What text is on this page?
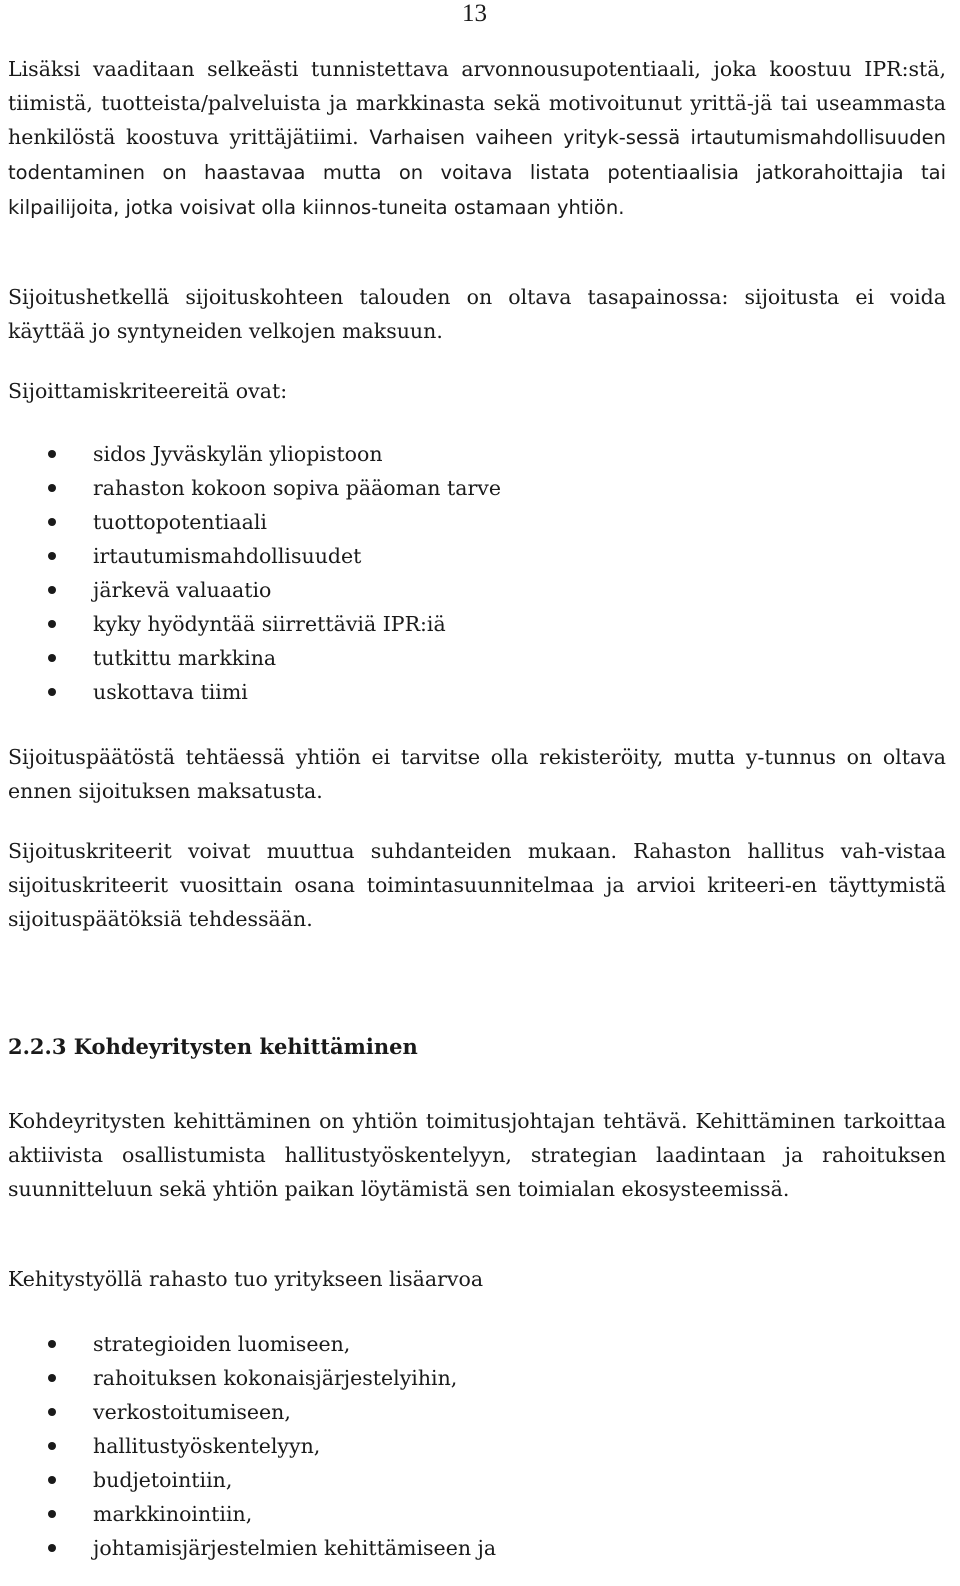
13

Lisäksi vaaditaan selkeästi tunnistettava arvonnousupotentiaali, joka koostuu IPR:stä, tiimistä, tuotteista/palveluista ja markkinasta sekä motivoitunut yrittä-jä tai useammasta henkilöstä koostuva yrittäjätiimi. Varhaisen vaiheen yrityk-sessä irtautumismahdollisuuden todentaminen on haastavaa mutta on voitava listata potentiaalisia jatkorahoittajia tai kilpailijoita, jotka voisivat olla kiinnos-tuneita ostamaan yhtiön.

Sijoitushetkellä sijoituskohteen talouden on oltava tasapainossa: sijoitusta ei voida käyttää jo syntyneiden velkojen maksuun.

Sijoittamiskriteereitä ovat:

sidos Jyväskylän yliopistoon
rahaston kokoon sopiva pääoman tarve
tuottopotentiaali
irtautumismahdollisuudet
järkevä valuaatio
kyky hyödyntää siirrettäviä IPR:iä
tutkittu markkina
uskottava tiimi

Sijoituspäätöstä tehtäessä yhtiön ei tarvitse olla rekisteröity, mutta y-tunnus on oltava ennen sijoituksen maksatusta.

Sijoituskriteerit voivat muuttua suhdanteiden mukaan. Rahaston hallitus vah-vistaa sijoituskriteerit vuosittain osana toimintasuunnitelmaa ja arvioi kriteeri-en täyttymistä sijoituspäätöksiä tehdessään.

2.2.3 Kohdeyritysten kehittäminen

Kohdeyritysten kehittäminen on yhtiön toimitusjohtajan tehtävä. Kehittäminen tarkoittaa aktiivista osallistumista hallitustyöskentelyyn, strategian laadintaan ja rahoituksen suunnitteluun sekä yhtiön paikan löytämistä sen toimialan ekosysteemissä.

Kehitystyöllä rahasto tuo yritykseen lisäarvoa

strategioiden luomiseen,
rahoituksen kokonaisjärjestelyihin,
verkostoitumiseen,
hallitustyöskentelyyn,
budjetointiin,
markkinointiin,
johtamisjärjestelmien kehittämiseen ja
